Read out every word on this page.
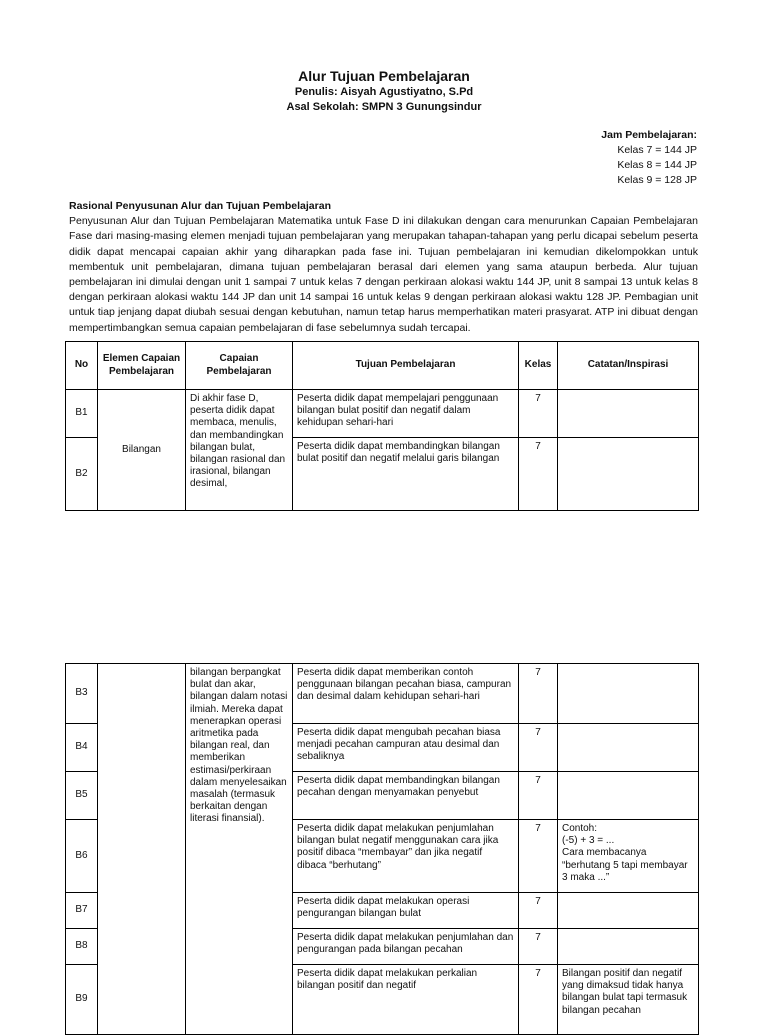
Alur Tujuan Pembelajaran
Penulis: Aisyah Agustiyatno, S.Pd
Asal Sekolah: SMPN 3 Gunungsindur
Jam Pembelajaran:
Kelas 7 = 144 JP
Kelas 8 = 144 JP
Kelas 9 = 128 JP
Rasional Penyusunan Alur dan Tujuan Pembelajaran

Penyusunan Alur dan Tujuan Pembelajaran Matematika untuk Fase D ini dilakukan dengan cara menurunkan Capaian Pembelajaran Fase dari masing-masing elemen menjadi tujuan pembelajaran yang merupakan tahapan-tahapan yang perlu dicapai sebelum peserta didik dapat mencapai capaian akhir yang diharapkan pada fase ini. Tujuan pembelajaran ini kemudian dikelompokkan untuk membentuk unit pembelajaran, dimana tujuan pembelajaran berasal dari elemen yang sama ataupun berbeda. Alur tujuan pembelajaran ini dimulai dengan unit 1 sampai 7 untuk kelas 7 dengan perkiraan alokasi waktu 144 JP, unit 8 sampai 13 untuk kelas 8 dengan perkiraan alokasi waktu 144 JP dan unit 14 sampai 16 untuk kelas 9 dengan perkiraan alokasi waktu 128 JP. Pembagian unit untuk tiap jenjang dapat diubah sesuai dengan kebutuhan, namun tetap harus memperhatikan materi prasyarat. ATP ini dibuat dengan mempertimbangkan semua capaian pembelajaran di fase sebelumnya sudah tercapai.

No	Elemen Capaian Pembelajaran	Capaian Pembelajaran	Tujuan Pembelajaran	Kelas	Catatan/Inspirasi
B1	Bilangan	Di akhir fase D, peserta didik dapat membaca, menulis, dan membandingkan bilangan bulat, bilangan rasional dan irasional, bilangan desimal,	Peserta didik dapat mempelajari penggunaan bilangan bulat positif dan negatif dalam kehidupan sehari-hari	7	
B2			Peserta didik dapat membandingkan bilangan bulat positif dan negatif melalui garis bilangan	7	
B3		bilangan berpangkat bulat dan akar, bilangan dalam notasi ilmiah. Mereka dapat menerapkan operasi aritmetika pada bilangan real, dan memberikan estimasi/perkiraan dalam menyelesaikan masalah (termasuk berkaitan dengan literasi finansial).	Peserta didik dapat memberikan contoh penggunaan bilangan pecahan biasa, campuran dan desimal dalam kehidupan sehari-hari	7	
B4			Peserta didik dapat mengubah pecahan biasa menjadi pecahan campuran atau desimal dan sebaliknya	7	
B5			Peserta didik dapat membandingkan bilangan pecahan dengan menyamakan penyebut	7	
B6			Peserta didik dapat melakukan penjumlahan bilangan bulat negatif menggunakan cara jika positif dibaca “membayar” dan jika negatif dibaca “berhutang”	7	Contoh:
(-5) + 3 = ...
Cara membacanya “berhutang 5 tapi membayar 3 maka ...”
B7			Peserta didik dapat melakukan operasi pengurangan bilangan bulat	7	
B8			Peserta didik dapat melakukan penjumlahan dan pengurangan pada bilangan pecahan	7	
B9			Peserta didik dapat melakukan perkalian bilangan positif dan negatif	7	Bilangan positif dan negatif yang dimaksud tidak hanya bilangan bulat tapi termasuk bilangan pecahan
